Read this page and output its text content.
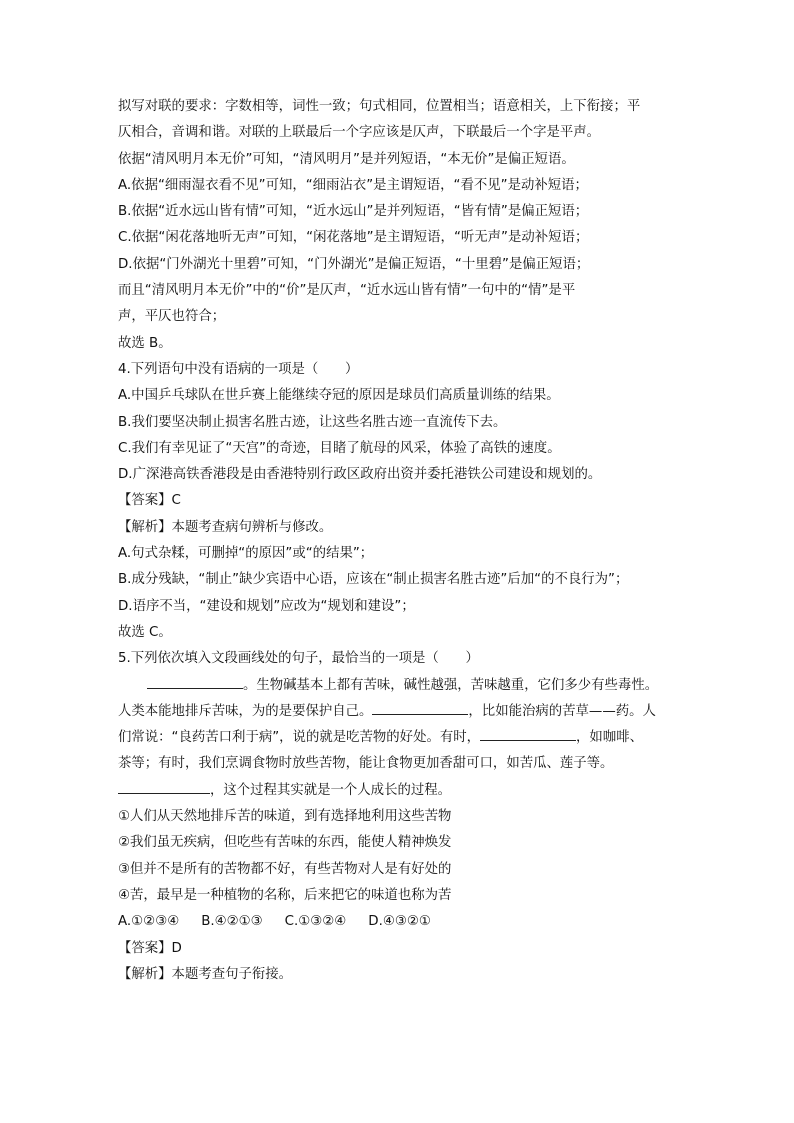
拟写对联的要求：字数相等，词性一致；句式相同，位置相当；语意相关，上下衔接；平
仄相合，音调和谐。对联的上联最后一个字应该是仄声，下联最后一个字是平声。
依据“清风明月本无价”可知，“清风明月”是并列短语，“本无价”是偏正短语。
A.依据“细雨湿衣看不见”可知，“细雨沾衣”是主谓短语，“看不见”是动补短语；
B.依据“近水远山皆有情”可知，“近水远山”是并列短语，“皆有情”是偏正短语；
C.依据“闲花落地听无声”可知，“闲花落地”是主谓短语，“听无声”是动补短语；
D.依据“门外湖光十里碧”可知，“门外湖光”是偏正短语，“十里碧”是偏正短语；
而且“清风明月本无价”中的“价”是仄声，“近水远山皆有情”一句中的“情”是平
声，平仄也符合；
故选 B。
4.下列语句中没有语病的一项是（　　）
A.中国乒乓球队在世乒赛上能继续夺冠的原因是球员们高质量训练的结果。
B.我们要坚决制止损害名胜古迹，让这些名胜古迹一直流传下去。
C.我们有幸见证了“天宫”的奇迹，目睹了航母的风采，体验了高铁的速度。
D.广深港高铁香港段是由香港特别行政区政府出资并委托港铁公司建设和规划的。
【答案】C
【解析】本题考查病句辨析与修改。
A.句式杂糅，可删掉“的原因”或“的结果”；
B.成分残缺，“制止”缺少宾语中心语，应该在“制止损害名胜古迹”后加“的不良行为”；
D.语序不当，“建设和规划”应改为“规划和建设”；
故选 C。
5.下列依次填入文段画线处的句子，最恰当的一项是（　　）
。生物碱基本上都有苦味，碱性越强，苦味越重，它们多少有些毒性。
人类本能地排斥苦味，为的是要保护自己。	，比如能治病的苦草——药。人
们常说：“良药苦口利于病”，说的就是吃苦物的好处。有时，	，如咖啡、
茶等；有时，我们烹调食物时放些苦物，能让食物更加香甜可口，如苦瓜、莲子等。
，这个过程其实就是一个人成长的过程。
①人们从天然地排斥苦的味道，到有选择地利用这些苦物
②我们虽无疾病，但吃些有苦味的东西，能使人精神焕发
③但并不是所有的苦物都不好，有些苦物对人是有好处的
④苦，最早是一种植物的名称，后来把它的味道也称为苦
A.①②③④ B.④②①③ C.①③②④ D.④③②①
【答案】D
【解析】本题考查句子衔接。
